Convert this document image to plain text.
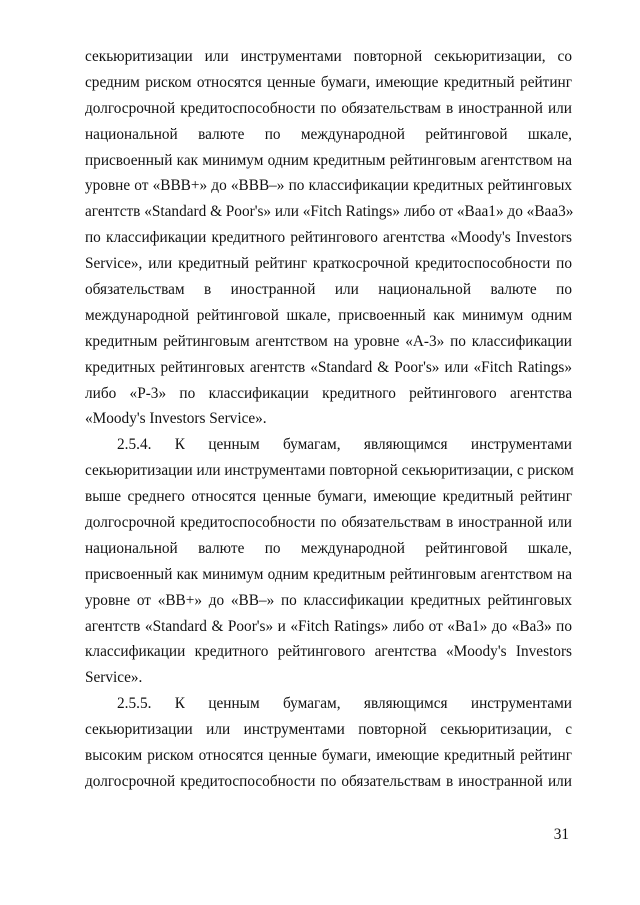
секьюритизации или инструментами повторной секьюритизации, со
средним риском относятся ценные бумаги, имеющие кредитный рейтинг
долгосрочной кредитоспособности по обязательствам в иностранной или
национальной валюте по международной рейтинговой шкале,
присвоенный как минимум одним кредитным рейтинговым агентством на
уровне от «ВВВ+» до «ВВВ–» по классификации кредитных рейтинговых
агентств «Standard & Poor's» или «Fitch Ratings» либо от «Ваа1» до «Ваа3»
по классификации кредитного рейтингового агентства «Moody's Investors
Service», или кредитный рейтинг краткосрочной кредитоспособности по
обязательствам в иностранной или национальной валюте по
международной рейтинговой шкале, присвоенный как минимум одним
кредитным рейтинговым агентством на уровне «А-3» по классификации
кредитных рейтинговых агентств «Standard & Poor's» или «Fitch Ratings»
либо «Р-3» по классификации кредитного рейтингового агентства
«Moody's Investors Service».
2.5.4. К ценным бумагам, являющимся инструментами
секьюритизации или инструментами повторной секьюритизации, с риском
выше среднего относятся ценные бумаги, имеющие кредитный рейтинг
долгосрочной кредитоспособности по обязательствам в иностранной или
национальной валюте по международной рейтинговой шкале,
присвоенный как минимум одним кредитным рейтинговым агентством на
уровне от «ВВ+» до «ВВ–» по классификации кредитных рейтинговых
агентств «Standard & Poor's» и «Fitch Ratings» либо от «Ва1» до «Ва3» по
классификации кредитного рейтингового агентства «Moody's Investors
Service».
2.5.5. К ценным бумагам, являющимся инструментами
секьюритизации или инструментами повторной секьюритизации, с
высоким риском относятся ценные бумаги, имеющие кредитный рейтинг
долгосрочной кредитоспособности по обязательствам в иностранной или
31
